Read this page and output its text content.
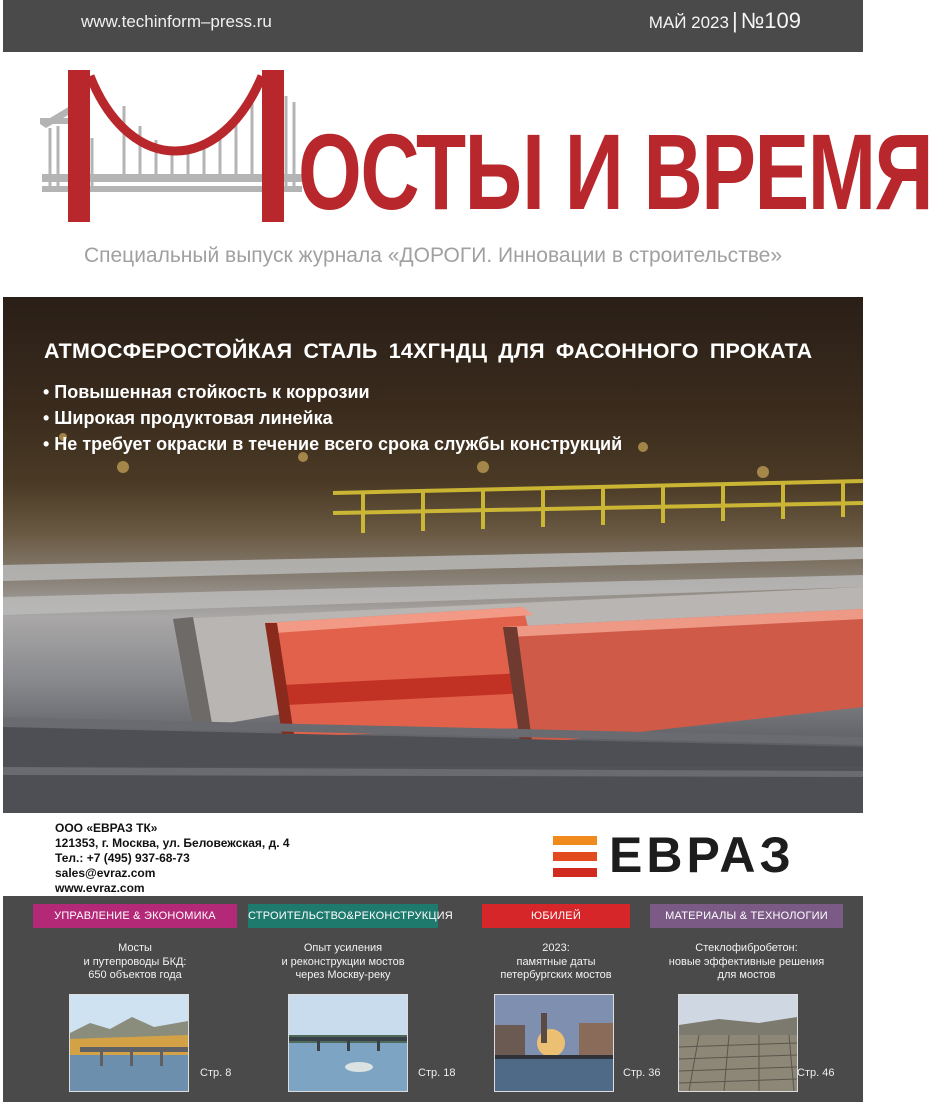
www.techinform–press.ru	МАЙ 2023 | №109
ОСТЫ И ВРЕМЯ
Специальный выпуск журнала «ДОРОГИ. Инновации в строительстве»
АТМОСФЕРОСТОЙКАЯ СТАЛЬ 14ХГНДЦ ДЛЯ ФАСОННОГО ПРОКАТА
• Повышенная стойкость к коррозии
• Широкая продуктовая линейка
• Не требует окраски в течение всего срока службы конструкций
ООО «ЕВРАЗ ТК»
121353, г. Москва, ул. Беловежская, д. 4
Тел.: +7 (495) 937-68-73
sales@evraz.com
www.evraz.com
ЕВРАЗ
УПРАВЛЕНИЕ & ЭКОНОМИКА
Мосты
и путепроводы БКД:
650 объектов года
Стр. 8
СТРОИТЕЛЬСТВО&РЕКОНСТРУКЦИЯ
Опыт усиления
и реконструкции мостов
через Москву-реку
Стр. 18
ЮБИЛЕЙ
2023:
памятные даты
петербургских мостов
Стр. 36
МАТЕРИАЛЫ & ТЕХНОЛОГИИ
Стеклофибробетон:
новые эффективные решения
для мостов
Стр. 46
